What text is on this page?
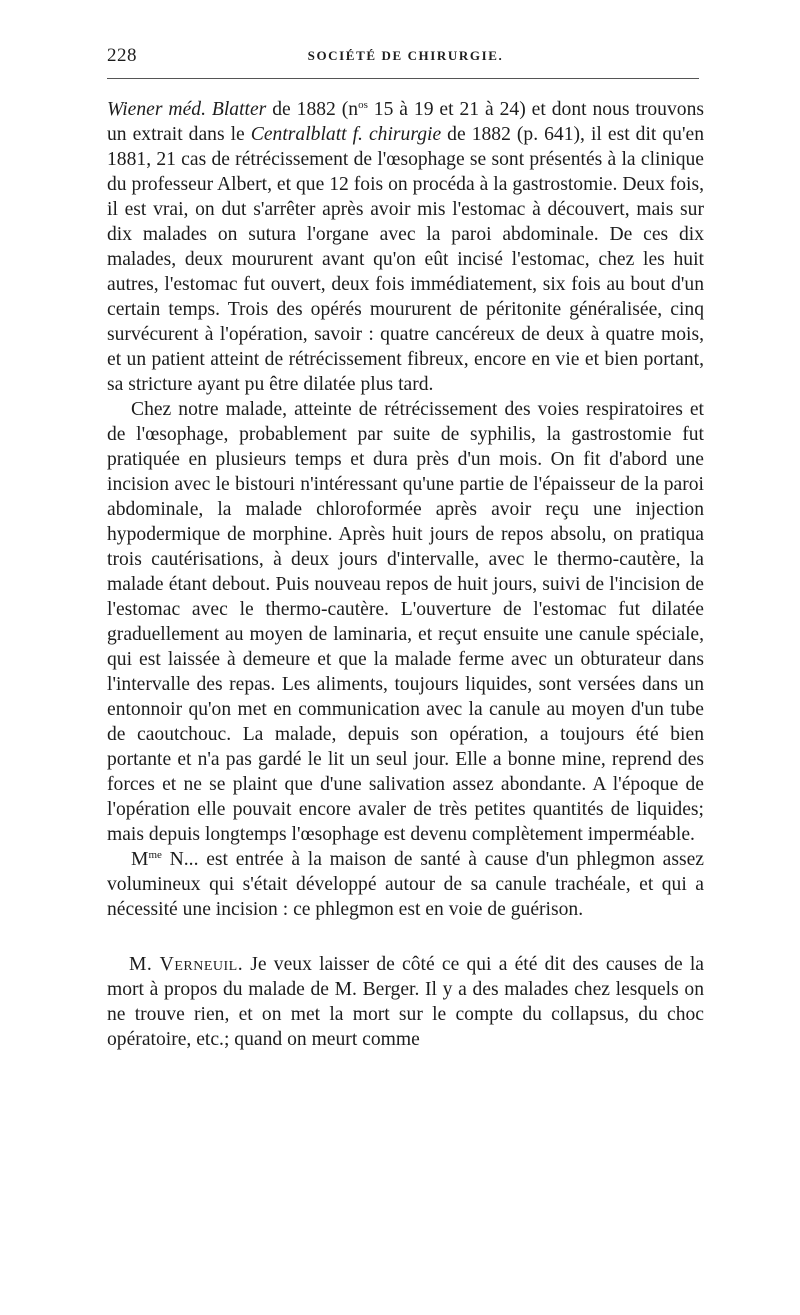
228	SOCIÉTÉ DE CHIRURGIE.

Wiener méd. Blatter de 1882 ($n^{os}$ 15 à 19 et 21 à 24) et dont nous trouvons un extrait dans le Centralblatt f. chirurgie de 1882 (p. 641), il est dit qu'en 1881, 21 cas de rétrécissement de l'œsophage se sont présentés à la clinique du professeur Albert, et que 12 fois on procéda à la gastrostomie. Deux fois, il est vrai, on dut s'arrêter après avoir mis l'estomac à découvert, mais sur dix malades on sutura l'organe avec la paroi abdominale. De ces dix malades, deux moururent avant qu'on eût incisé l'estomac, chez les huit autres, l'estomac fut ouvert, deux fois immédiatement, six fois au bout d'un certain temps. Trois des opérés moururent de péritonite généralisée, cinq survécurent à l'opération, savoir : quatre cancéreux de deux à quatre mois, et un patient atteint de rétrécissement fibreux, encore en vie et bien portant, sa stricture ayant pu être dilatée plus tard.

Chez notre malade, atteinte de rétrécissement des voies respiratoires et de l'œsophage, probablement par suite de syphilis, la gastrostomie fut pratiquée en plusieurs temps et dura près d'un mois. On fit d'abord une incision avec le bistouri n'intéressant qu'une partie de l'épaisseur de la paroi abdominale, la malade chloroformée après avoir reçu une injection hypodermique de morphine. Après huit jours de repos absolu, on pratiqua trois cautérisations, à deux jours d'intervalle, avec le thermo-cautère, la malade étant debout. Puis nouveau repos de huit jours, suivi de l'incision de l'estomac avec le thermo-cautère. L'ouverture de l'estomac fut dilatée graduellement au moyen de laminaria, et reçut ensuite une canule spéciale, qui est laissée à demeure et que la malade ferme avec un obturateur dans l'intervalle des repas. Les aliments, toujours liquides, sont versées dans un entonnoir qu'on met en communication avec la canule au moyen d'un tube de caoutchouc. La malade, depuis son opération, a toujours été bien portante et n'a pas gardé le lit un seul jour. Elle a bonne mine, reprend des forces et ne se plaint que d'une salivation assez abondante. A l'époque de l'opération elle pouvait encore avaler de très petites quantités de liquides; mais depuis longtemps l'œsophage est devenu complètement imperméable.

$M^{me}$ N... est entrée à la maison de santé à cause d'un phlegmon assez volumineux qui s'était développé autour de sa canule trachéale, et qui a nécessité une incision : ce phlegmon est en voie de guérison.

M. Verneuil. Je veux laisser de côté ce qui a été dit des causes de la mort à propos du malade de M. Berger. Il y a des malades chez lesquels on ne trouve rien, et on met la mort sur le compte du collapsus, du choc opératoire, etc.; quand on meurt comme
